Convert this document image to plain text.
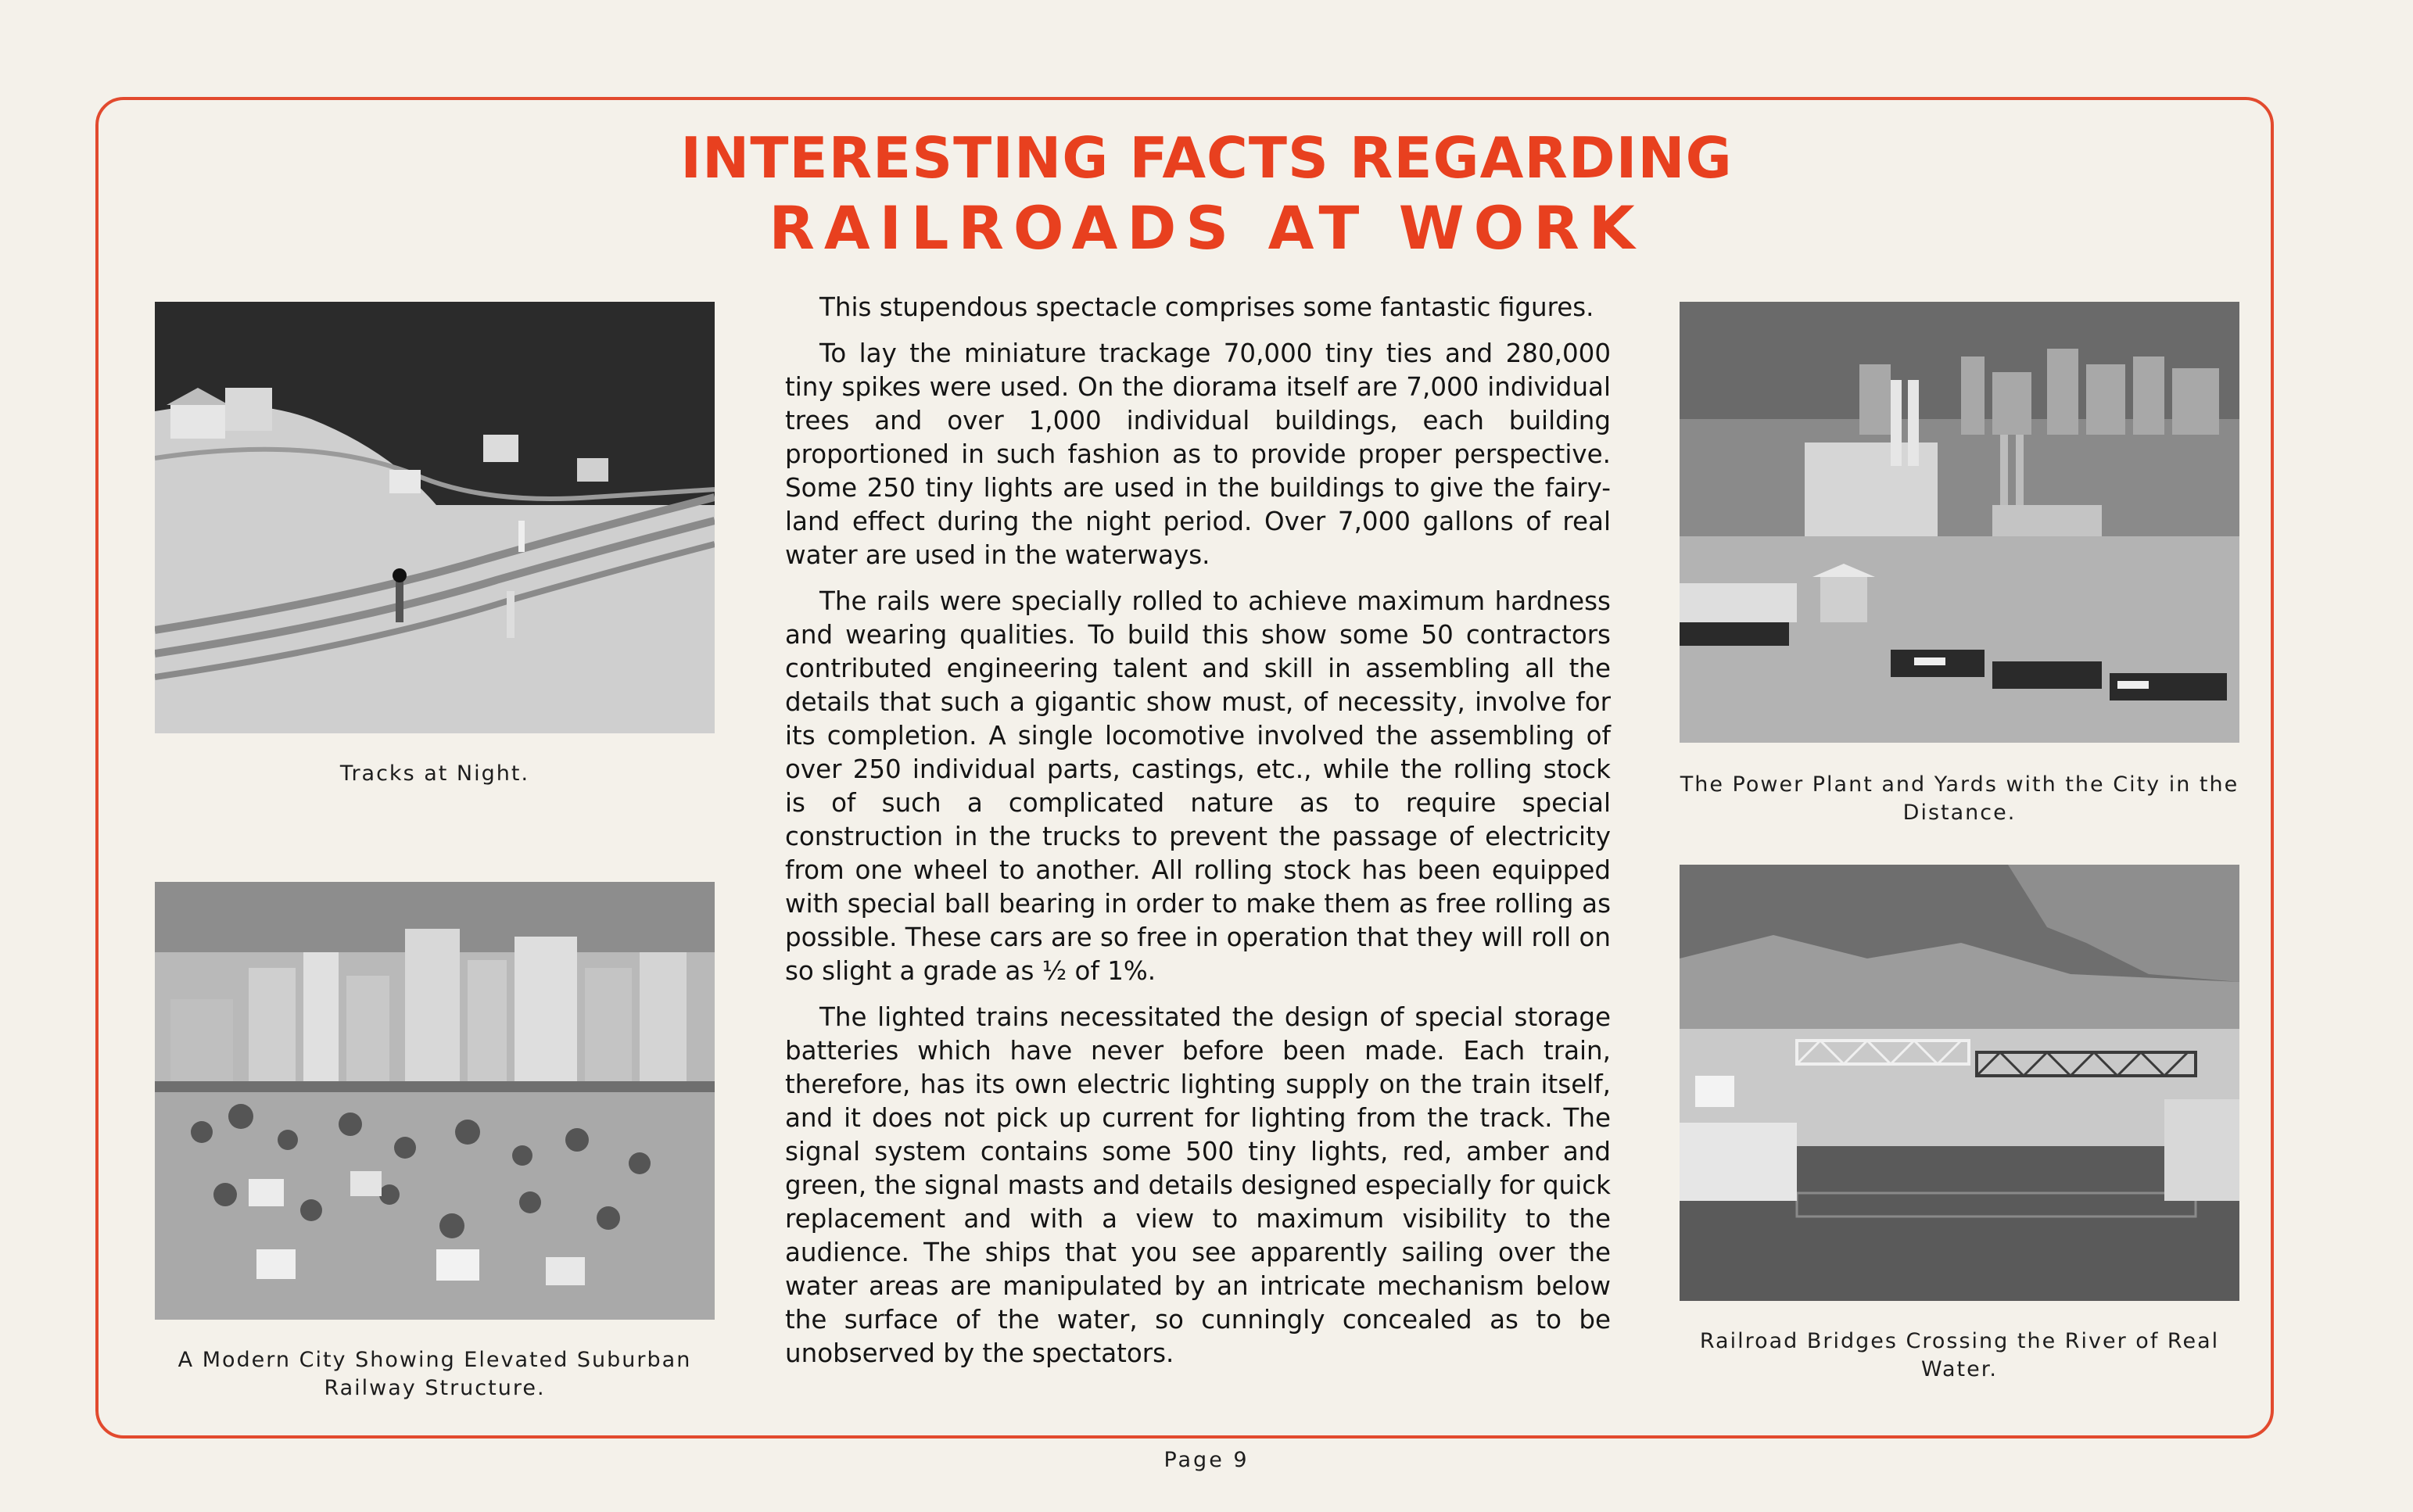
INTERESTING FACTS REGARDING
RAILROADS AT WORK
Tracks at Night.
A Modern City Showing Elevated Suburban Railway Structure.

This stupendous spectacle comprises some fantastic figures.

To lay the miniature trackage 70,000 tiny ties and 280,000 tiny spikes were used. On the diorama itself are 7,000 individual trees and over 1,000 individual buildings, each building proportioned in such fashion as to provide proper perspective. Some 250 tiny lights are used in the buildings to give the fairy-land effect during the night period. Over 7,000 gallons of real water are used in the waterways.

The rails were specially rolled to achieve maximum hardness and wearing qualities. To build this show some 50 contractors contributed engineering talent and skill in assembling all the details that such a gigantic show must, of necessity, involve for its completion. A single locomotive involved the assembling of over 250 individual parts, castings, etc., while the rolling stock is of such a complicated nature as to require special construction in the trucks to prevent the passage of electricity from one wheel to another. All rolling stock has been equipped with special ball bearing in order to make them as free rolling as possible. These cars are so free in operation that they will roll on so slight a grade as ½ of 1%.

The lighted trains necessitated the design of special storage batteries which have never before been made. Each train, therefore, has its own electric lighting supply on the train itself, and it does not pick up current for lighting from the track. The signal system contains some 500 tiny lights, red, amber and green, the signal masts and details designed especially for quick replacement and with a view to maximum visibility to the audience. The ships that you see apparently sailing over the water areas are manipulated by an intricate mechanism below the surface of the water, so cunningly concealed as to be unobserved by the spectators.

The Power Plant and Yards with the City in the Distance.
Railroad Bridges Crossing the River of Real Water.
Page 9
